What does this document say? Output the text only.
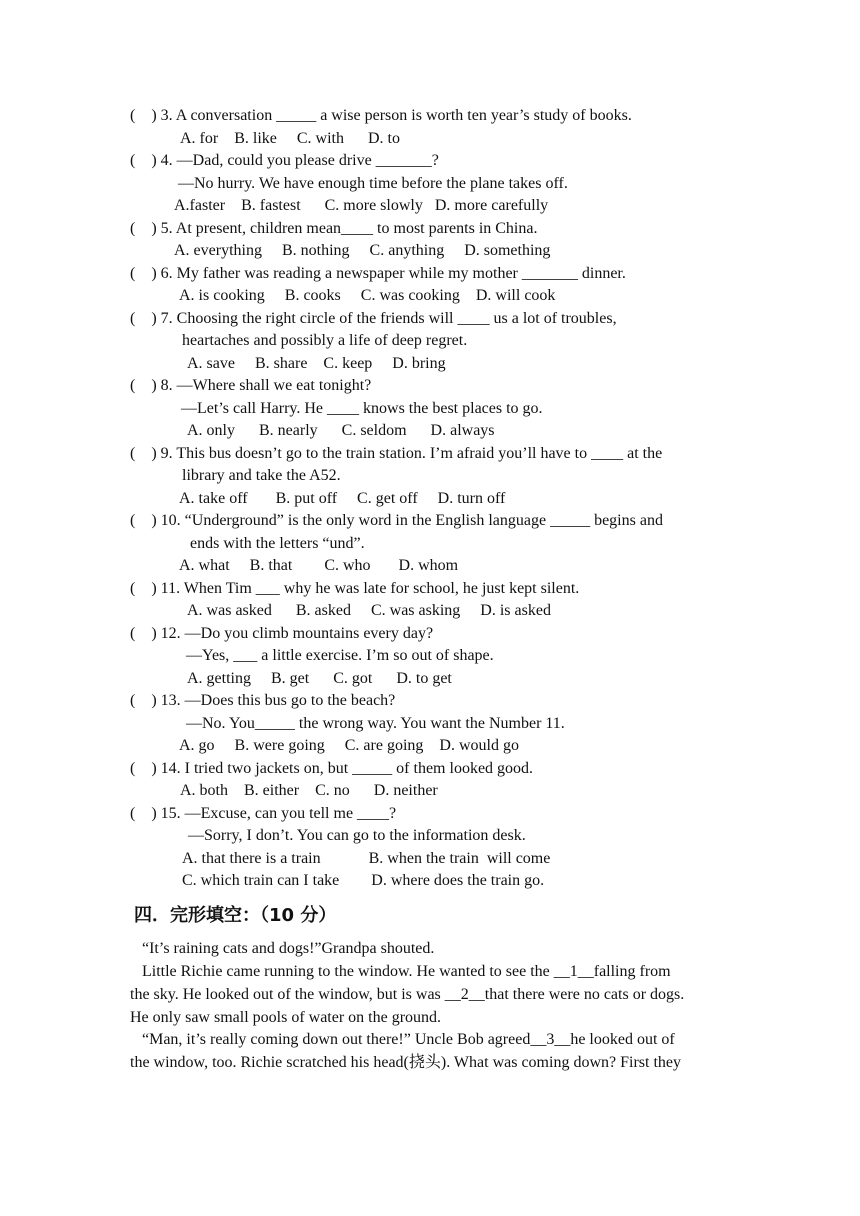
(    ) 3. A conversation _____ a wise person is worth ten year’s study of books.
A. for    B. like     C. with      D. to
(    ) 4. —Dad, could you please drive _______?
—No hurry. We have enough time before the plane takes off.
A.faster    B. fastest      C. more slowly   D. more carefully
(    ) 5. At present, children mean____ to most parents in China.
A. everything     B. nothing     C. anything     D. something
(    ) 6. My father was reading a newspaper while my mother _______ dinner.
A. is cooking     B. cooks     C. was cooking    D. will cook
(    ) 7. Choosing the right circle of the friends will ____ us a lot of troubles,
heartaches and possibly a life of deep regret.
A. save     B. share    C. keep     D. bring
(    ) 8. —Where shall we eat tonight?
—Let’s call Harry. He ____ knows the best places to go.
A. only      B. nearly      C. seldom      D. always
(    ) 9. This bus doesn’t go to the train station. I’m afraid you’ll have to ____ at the
library and take the A52.
A. take off       B. put off     C. get off     D. turn off
(    ) 10. “Underground” is the only word in the English language _____ begins and
ends with the letters “und”.
A. what     B. that        C. who       D. whom
(    ) 11. When Tim ___ why he was late for school, he just kept silent.
A. was asked      B. asked     C. was asking     D. is asked
(    ) 12. —Do you climb mountains every day?
—Yes, ___ a little exercise. I’m so out of shape.
A. getting     B. get      C. got      D. to get
(    ) 13. —Does this bus go to the beach?
—No. You_____ the wrong way. You want the Number 11.
A. go     B. were going     C. are going    D. would go
(    ) 14. I tried two jackets on, but _____ of them looked good.
A. both    B. either    C. no      D. neither
(    ) 15. —Excuse, can you tell me ____?
—Sorry, I don’t. You can go to the information desk.
A. that there is a train            B. when the train  will come
C. which train can I take        D. where does the train go.
四．完形填空：（10 分）
“It’s raining cats and dogs!”Grandpa shouted.
Little Richie came running to the window. He wanted to see the __1__falling from
the sky. He looked out of the window, but is was __2__that there were no cats or dogs.
He only saw small pools of water on the ground.
“Man, it’s really coming down out there!” Uncle Bob agreed__3__he looked out of
the window, too. Richie scratched his head(挠头). What was coming down? First they
